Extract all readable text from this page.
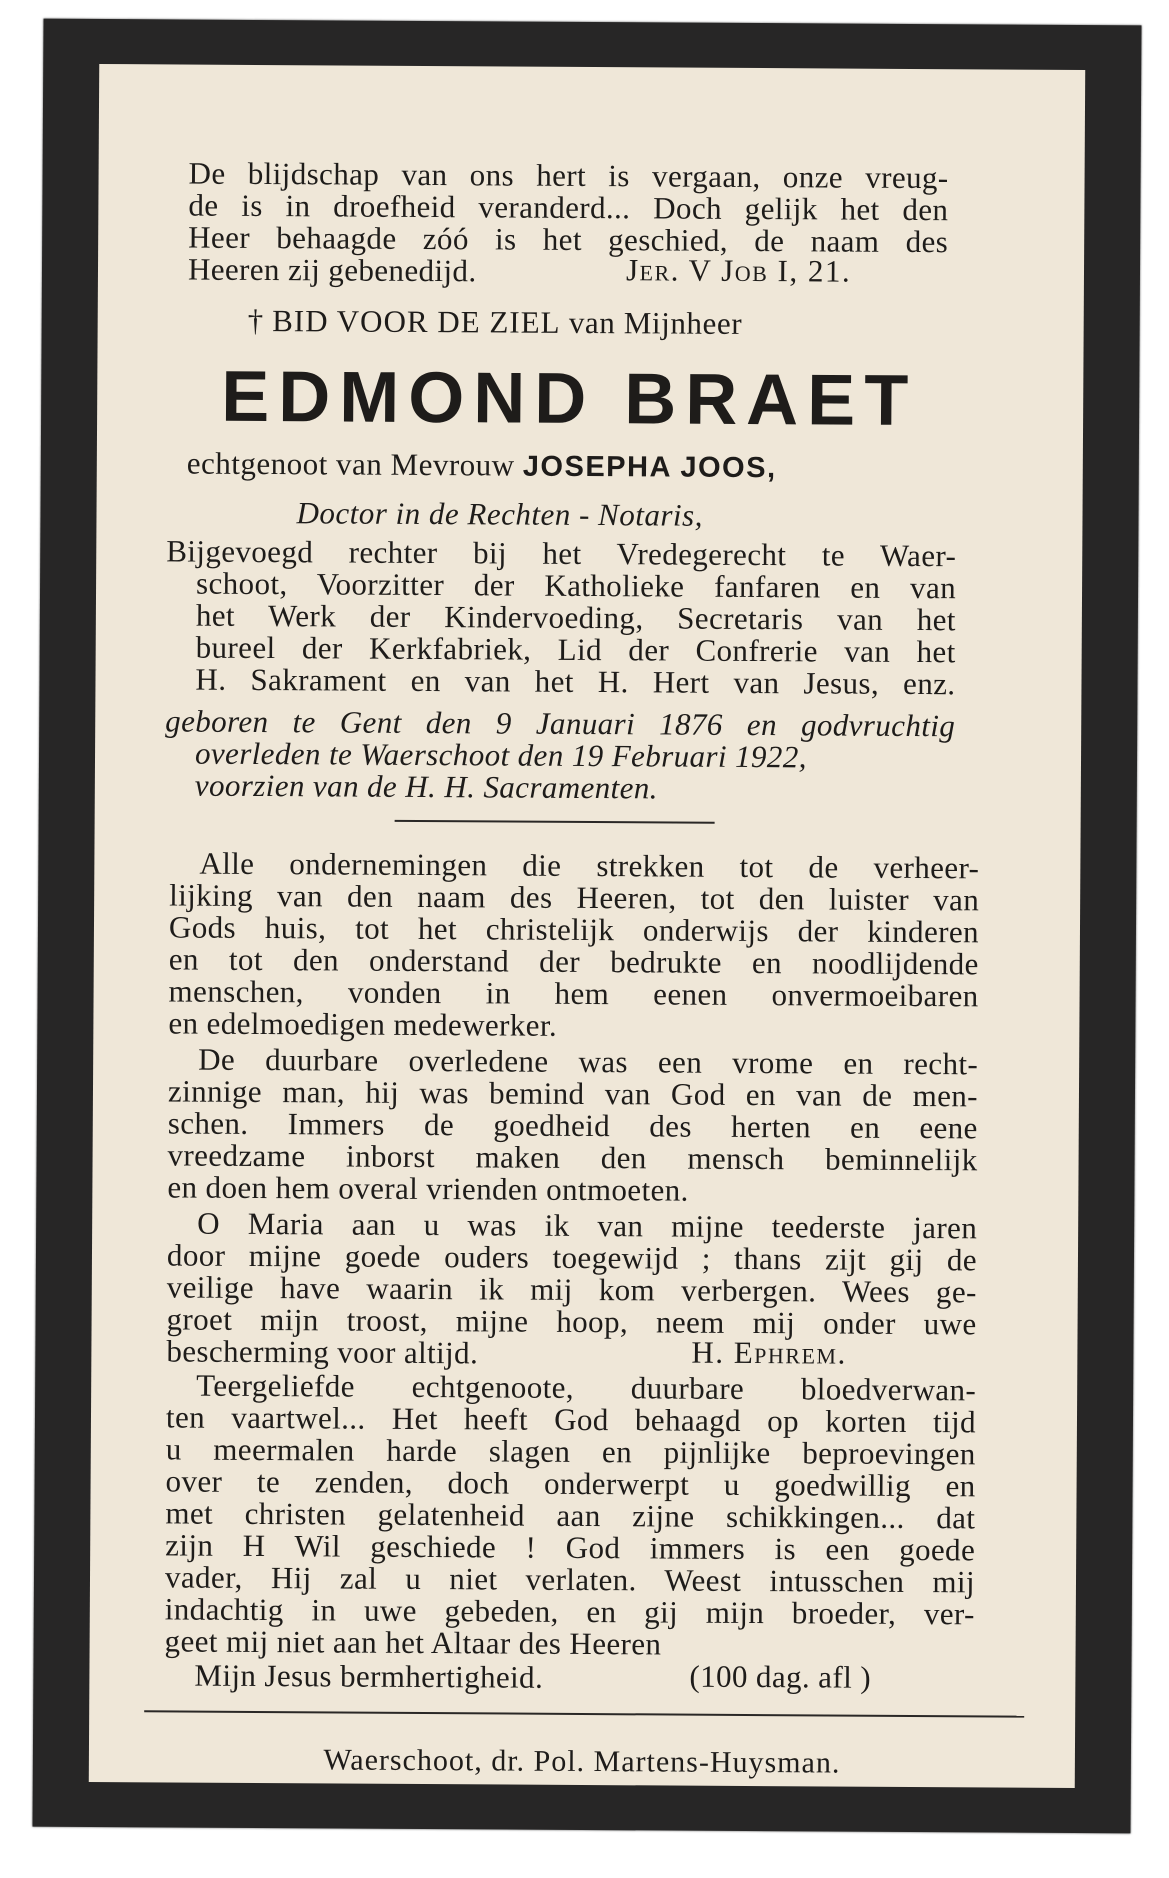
De blijdschap van ons hert is vergaan, onze vreug-
de is in droefheid veranderd... Doch gelijk het den
Heer behaagde zóó is het geschied, de naam des
Heeren zij gebenedijd.	Jer. V Job I, 21.
† BID VOOR DE ZIEL van Mijnheer
EDMOND BRAET
echtgenoot van Mevrouw JOSEPHA JOOS,
Doctor in de Rechten - Notaris,
Bijgevoegd rechter bij het Vredegerecht te Waer-
schoot, Voorzitter der Katholieke fanfaren en van
het Werk der Kindervoeding, Secretaris van het
bureel der Kerkfabriek, Lid der Confrerie van het
H. Sakrament en van het H. Hert van Jesus, enz.
geboren te Gent den 9 Januari 1876 en godvruchtig
overleden te Waerschoot den 19 Februari 1922,
voorzien van de H. H. Sacramenten.
Alle ondernemingen die strekken tot de verheer-
lijking van den naam des Heeren, tot den luister van
Gods huis, tot het christelijk onderwijs der kinderen
en tot den onderstand der bedrukte en noodlijdende
menschen, vonden in hem eenen onvermoeibaren
en edelmoedigen medewerker.
De duurbare overledene was een vrome en recht-
zinnige man, hij was bemind van God en van de men-
schen. Immers de goedheid des herten en eene
vreedzame inborst maken den mensch beminnelijk
en doen hem overal vrienden ontmoeten.
O Maria aan u was ik van mijne teederste jaren
door mijne goede ouders toegewijd ; thans zijt gij de
veilige have waarin ik mij kom verbergen. Wees ge-
groet mijn troost, mijne hoop, neem mij onder uwe
bescherming voor altijd.	H. Ephrem.
Teergeliefde echtgenoote, duurbare bloedverwan-
ten vaartwel... Het heeft God behaagd op korten tijd
u meermalen harde slagen en pijnlijke beproevingen
over te zenden, doch onderwerpt u goedwillig en
met christen gelatenheid aan zijne schikkingen... dat
zijn H Wil geschiede ! God immers is een goede
vader, Hij zal u niet verlaten. Weest intusschen mij
indachtig in uwe gebeden, en gij mijn broeder, ver-
geet mij niet aan het Altaar des Heeren
Mijn Jesus bermhertigheid.	(100 dag. afl )
Waerschoot, dr. Pol. Martens-Huysman.
